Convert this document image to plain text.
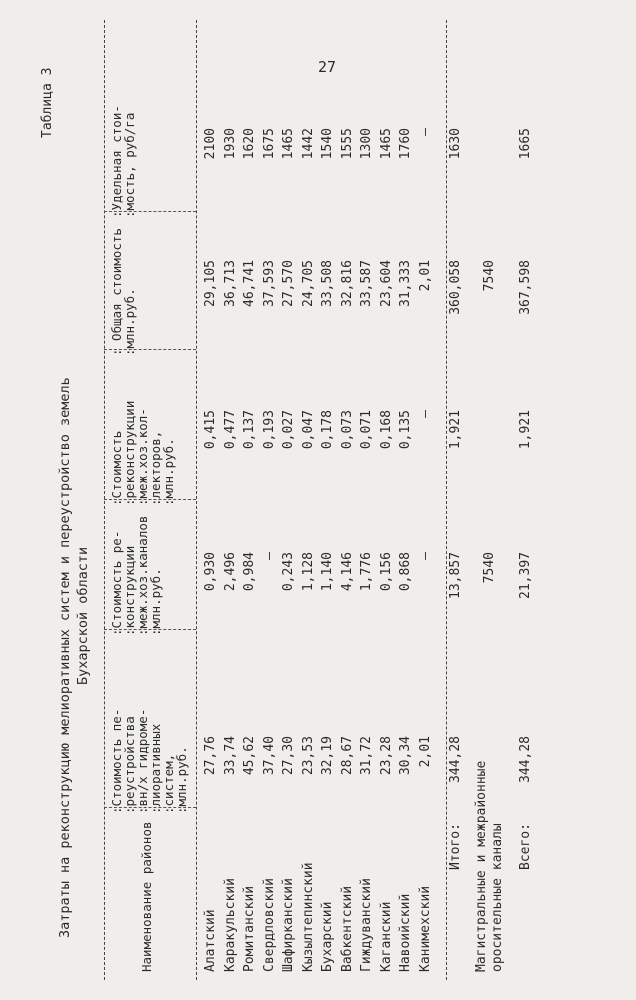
27
Таблица 3
Затраты на реконструкцию мелиоративных систем и переустройство земель Бухарской области
Наименование районов
:Стоимость пе-
:реустройства
:вн/х гидроме-
:лиоративных
:систем,
:млн.руб.
:Стоимость ре-
:конструкции
:меж.хоз.каналов
:млн.руб.
:Стоимость
:реконструкции
:меж.хоз.кол-
:лекторов,
:млн.руб.
: Общая стоимость
:млн.руб.
:Удельная стои-
:мость, руб/га
Алатский
27,76
0,930
0,415
29,105
2100
Каракульский
33,74
2,496
0,477
36,713
1930
Ромитанский
45,62
0,984
0,137
46,741
1620
Свердловский
37,40
–
0,193
37,593
1675
Шафирканский
27,30
0,243
0,027
27,570
1465
Кызылтепинский
23,53
1,128
0,047
24,705
1442
Бухарский
32,19
1,140
0,178
33,508
1540
Вабкентский
28,67
4,146
0,073
32,816
1555
Гиждуванский
31,72
1,776
0,071
33,587
1300
Каганский
23,28
0,156
0,168
23,604
1465
Навоийский
30,34
0,868
0,135
31,333
1760
Канимехский
2,01
–
–
2,01
–
Итого:
344,28
13,857
1,921
360,058
1630
Магистральные и межрайонные оросительные каналы
7540
7540
Всего:
344,28
21,397
1,921
367,598
1665
